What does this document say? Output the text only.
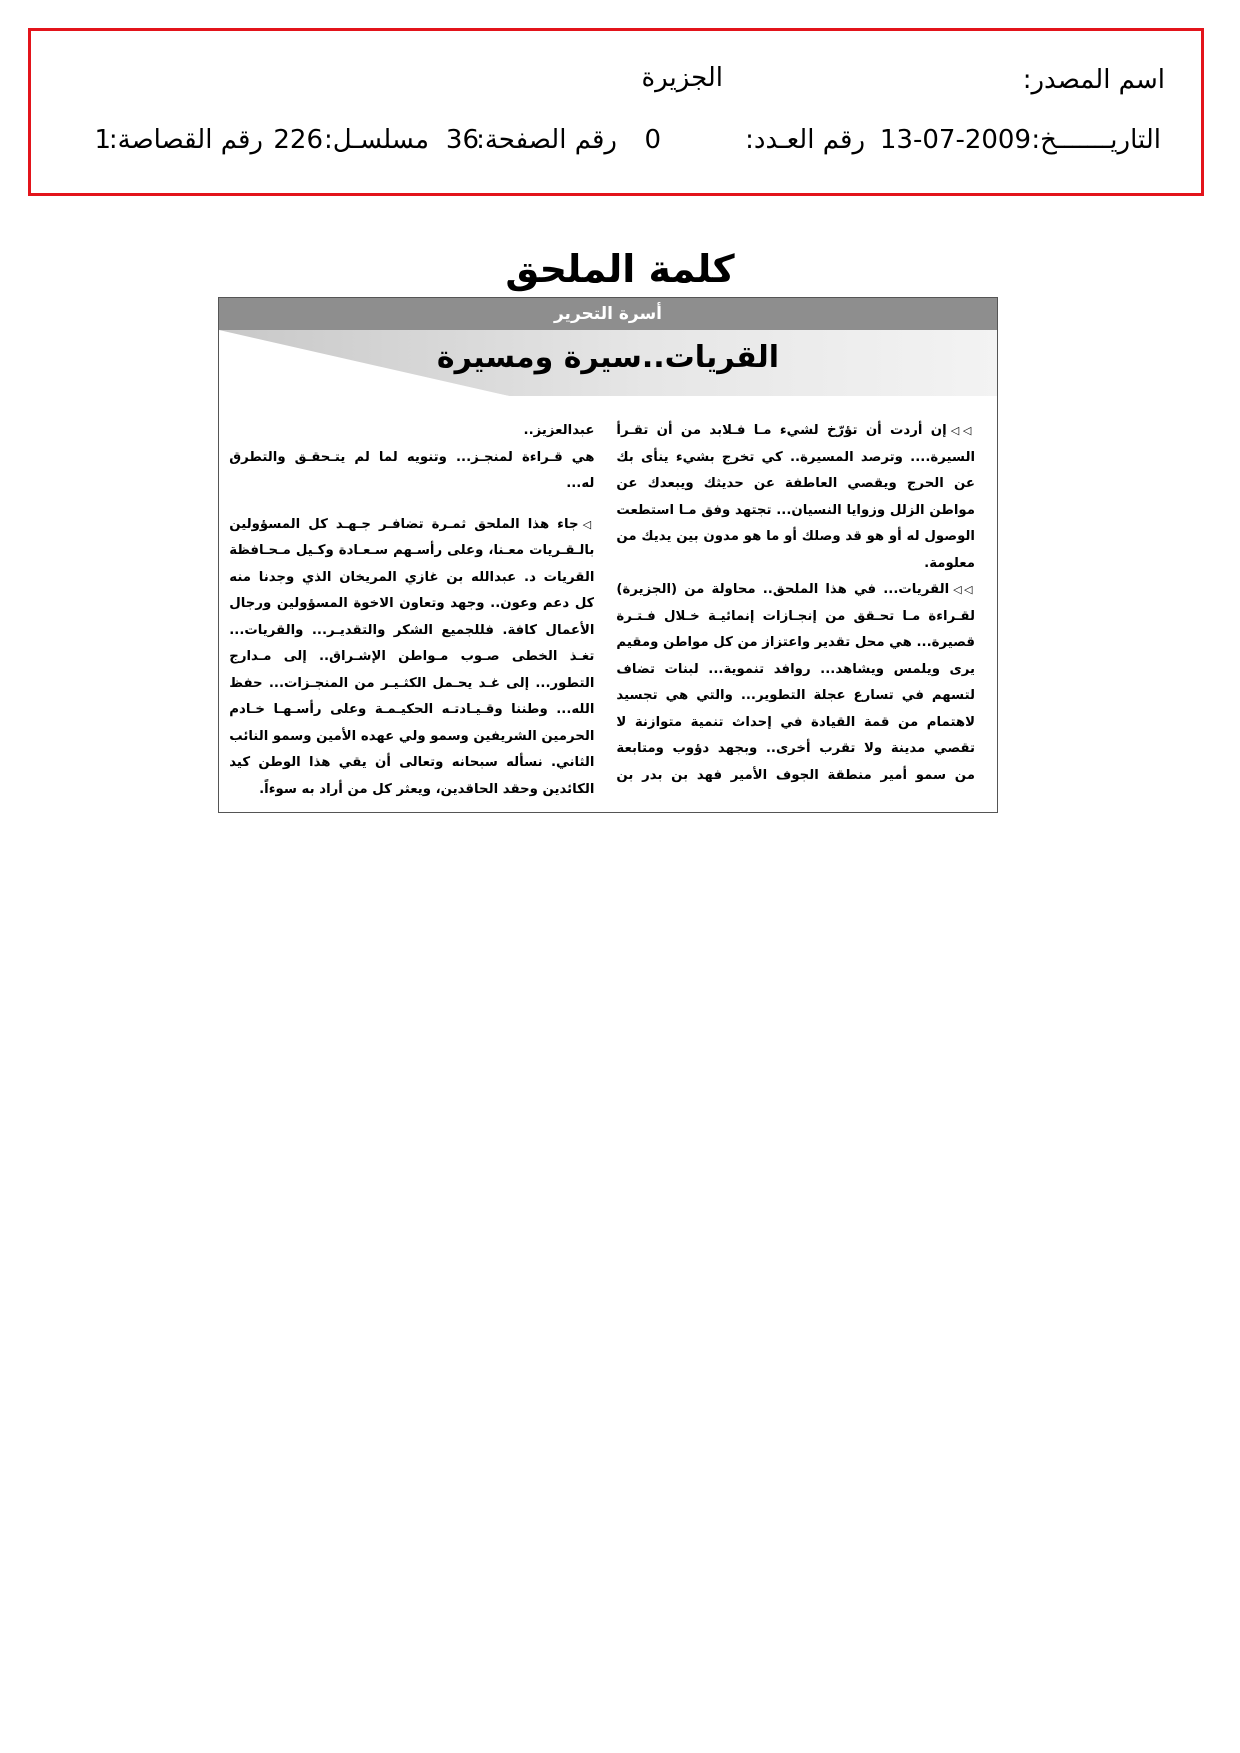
اسم المصدر:
الجزيرة
التاريـــــــخ:
13-07-2009
رقم العـدد:
0
رقم الصفحة:
36
مسلسـل:
226
رقم القصاصة:
1
كلمة الملحق
أسرة التحرير
القريات..سيرة ومسيرة
◁◁إن أردت أن تؤرّخ لشيء مـا فـلابد من أن تقـرأ
السيرة.... وترصد المسيرة.. كي تخرج بشيء ينأى بك
عن الحرج ويقصي العاطفة عن حديثك ويبعدك عن
مواطن الزلل وزوايا النسيان... تجتهد وفق مـا استطعت
الوصول له أو هو قد وصلك أو ما هو مدون بين يديك من
معلومة.
◁◁القريات... في هذا الملحق.. محاولة من (الجزيرة)
لقـراءة مـا تحـقق من إنجـازات إنمائيـة خـلال فـتـرة
قصيرة... هي محل تقدير واعتزاز من كل مواطن ومقيم
يرى ويلمس ويشاهد... روافد تنموية... لبنات تضاف
لتسهم في تسارع عجلة التطوير... والتي هي تجسيد
لاهتمام من قمة القيادة في إحداث تنمية متوازنة لا
تقصي مدينة ولا تقرب أخرى.. وبجهد دؤوب ومتابعة
من سمو أمير منطقة الجوف الأمير فهد بن بدر بن
عبدالعزيز..
هي قـراءة لمنجـز... وتنويه لما لم يتـحقـق والتطرق
له...
◁جاء هذا الملحق ثمـرة تضافـر جـهـد كل المسؤولين
بالـقـريات معـنا، وعلى رأسـهم سـعـادة وكـيل مـحـافظة
القريات د. عبدالله بن غازي المريخان الذي وجدنا منه
كل دعم وعون.. وجهد وتعاون الاخوة المسؤولين ورجال
الأعمال كافة. فللجميع الشكر والتقديـر... والقريات...
تغـذ الخطى صـوب مـواطن الإشـراق.. إلى مـدارج
التطور... إلى غـد يحـمل الكثـيـر من المنجـزات... حفظ
الله... وطننا وقـيـادتـه الحكيـمـة وعلى رأسـهـا خـادم
الحرمين الشريفين وسمو ولي عهده الأمين وسمو النائب
الثاني. نسأله سبحانه وتعالى أن يقي هذا الوطن كيد
الكائدين وحقد الحاقدين، ويعثر كل من أراد به سوءاً.
